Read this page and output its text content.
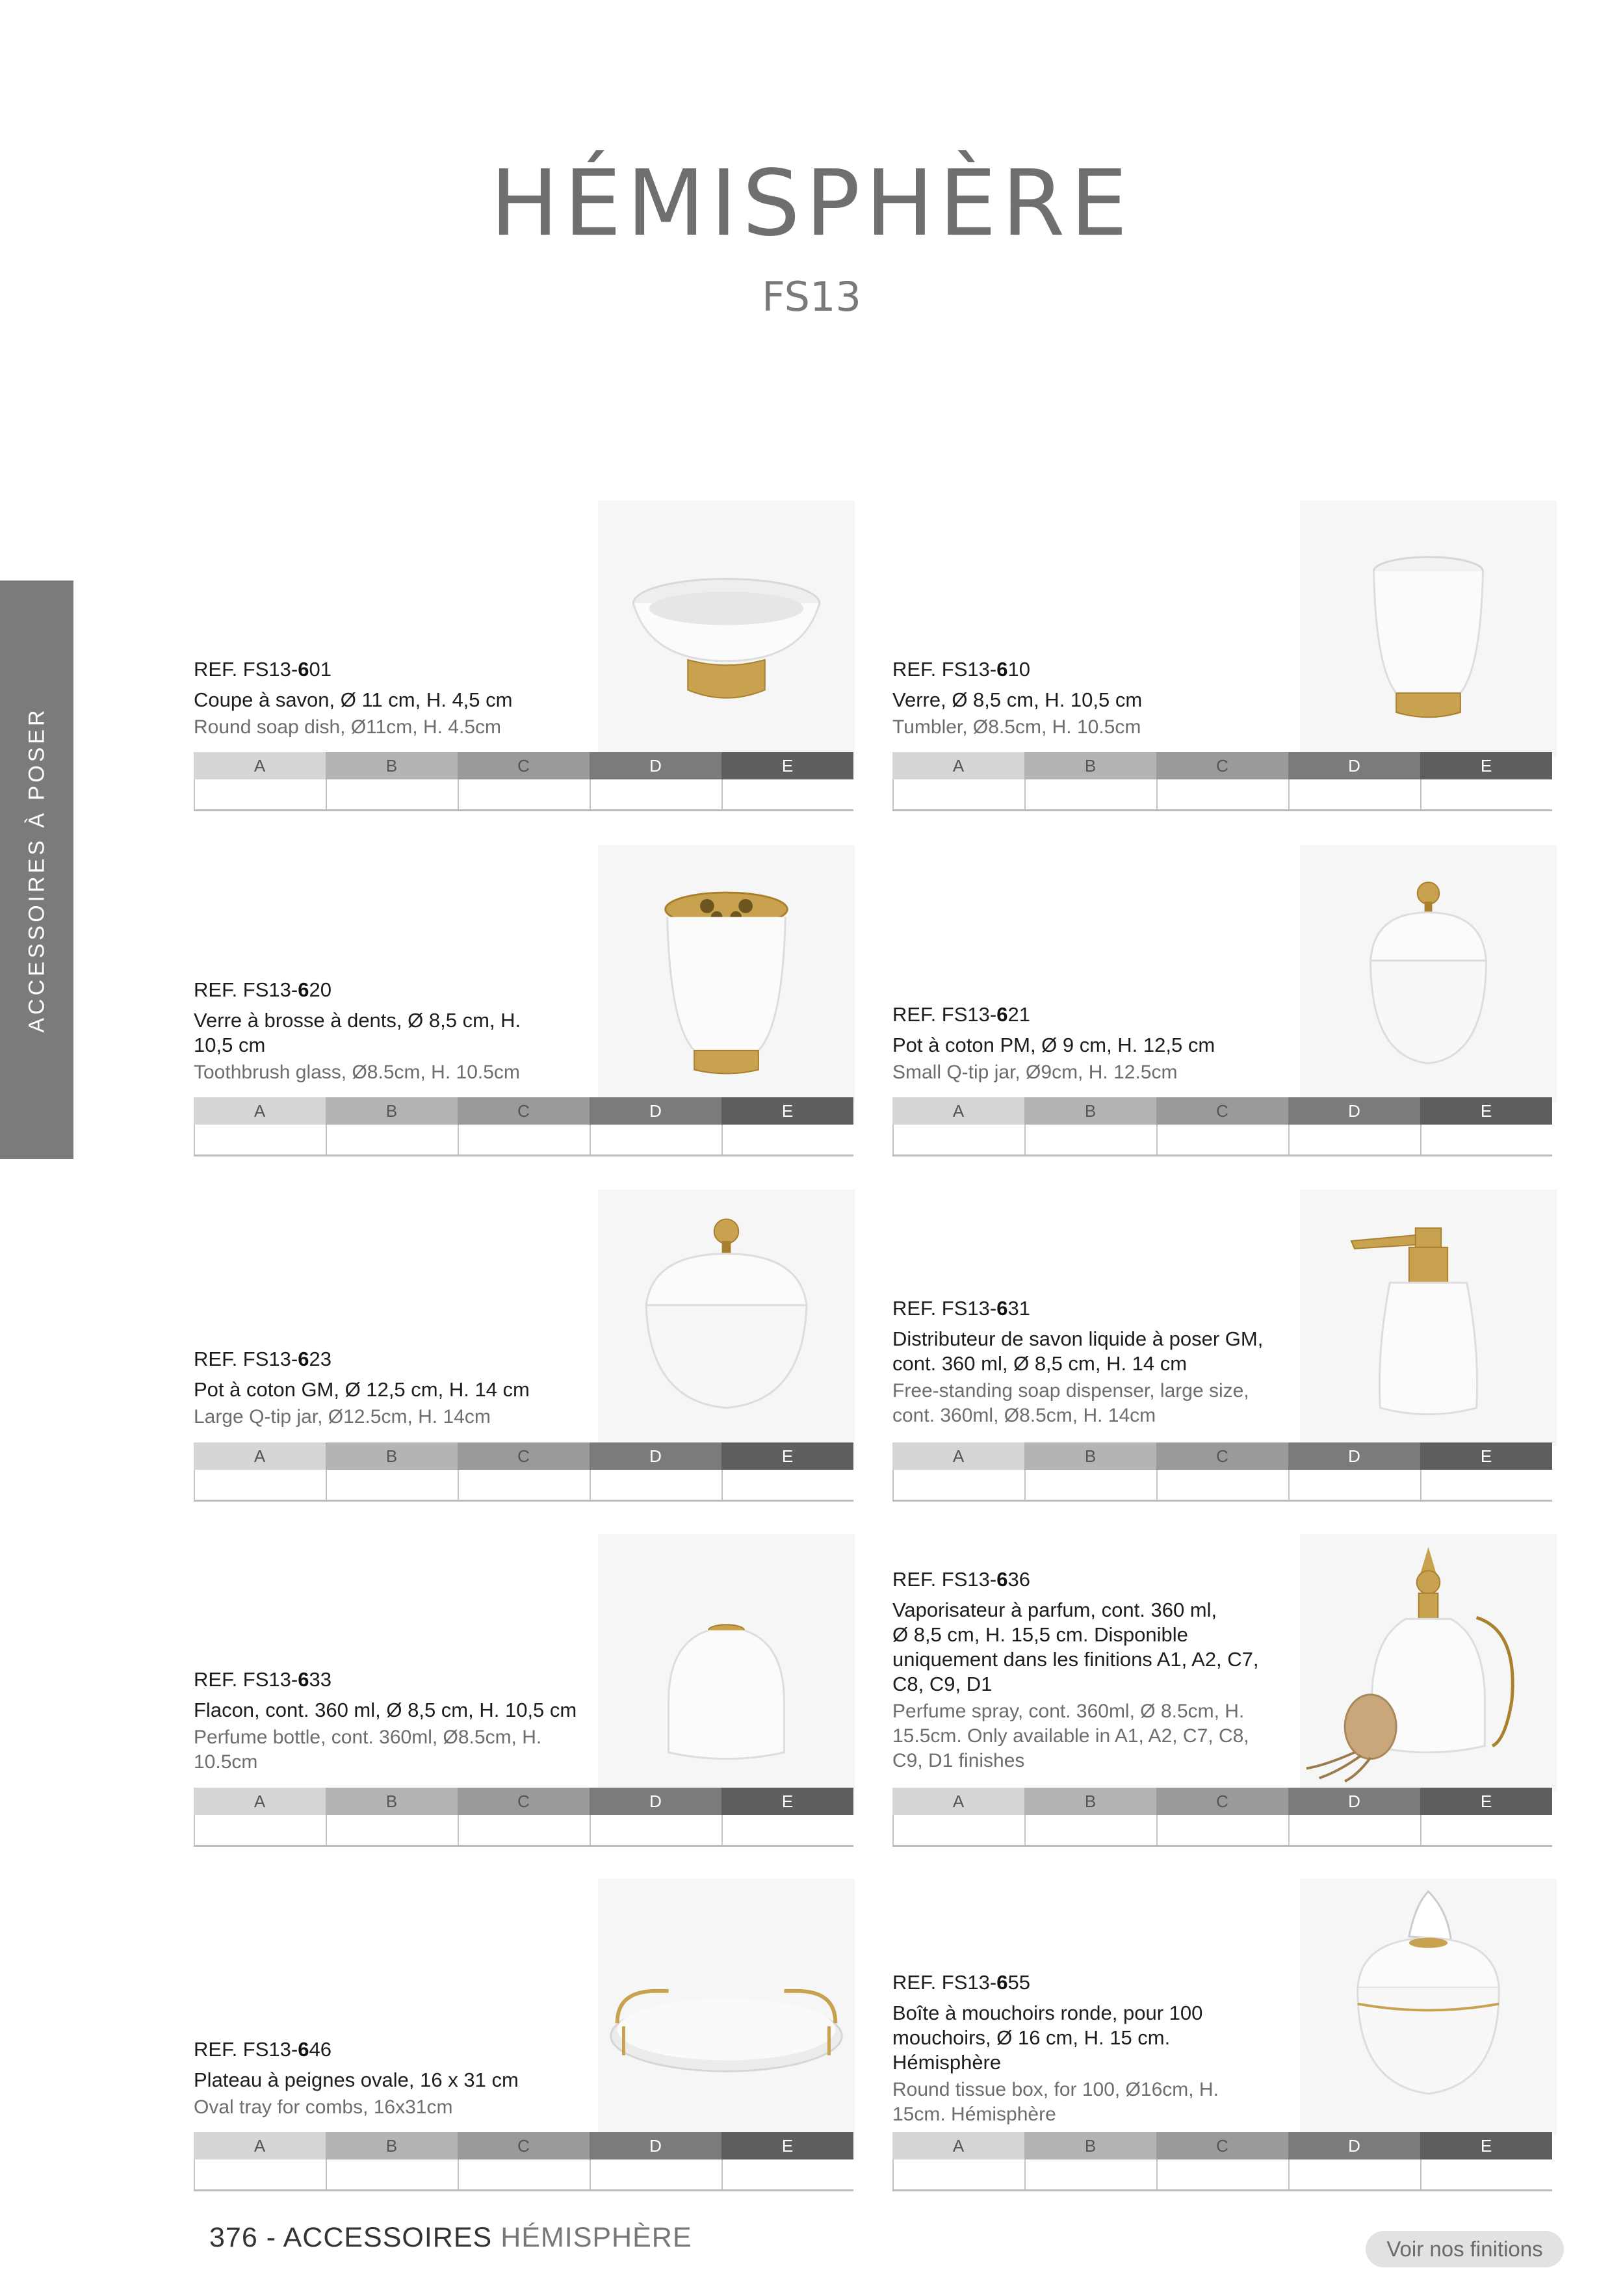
HÉMISPHÈRE
FS13
ACCESSOIRES À POSER
REF. FS13-601
Coupe à savon, Ø 11 cm, H. 4,5 cm
Round soap dish, Ø11cm, H. 4.5cm
A	B	C	D	E
REF. FS13-610
Verre, Ø 8,5 cm, H. 10,5 cm
Tumbler, Ø8.5cm, H. 10.5cm
A	B	C	D	E
REF. FS13-620
Verre à brosse à dents, Ø 8,5 cm, H.
10,5 cm
Toothbrush glass, Ø8.5cm, H. 10.5cm
A	B	C	D	E
REF. FS13-621
Pot à coton PM, Ø 9 cm, H. 12,5 cm
Small Q-tip jar, Ø9cm, H. 12.5cm
A	B	C	D	E
REF. FS13-623
Pot à coton GM, Ø 12,5 cm, H. 14 cm
Large Q-tip jar, Ø12.5cm, H. 14cm
A	B	C	D	E
REF. FS13-631
Distributeur de savon liquide à poser GM,
cont. 360 ml, Ø 8,5 cm, H. 14 cm
Free-standing soap dispenser, large size,
cont. 360ml, Ø8.5cm, H. 14cm
A	B	C	D	E
REF. FS13-633
Flacon, cont. 360 ml, Ø 8,5 cm, H. 10,5 cm
Perfume bottle, cont. 360ml, Ø8.5cm, H.
10.5cm
A	B	C	D	E
REF. FS13-636
Vaporisateur à parfum, cont. 360 ml,
Ø 8,5 cm, H. 15,5 cm. Disponible
uniquement dans les finitions A1, A2, C7,
C8, C9, D1
Perfume spray, cont. 360ml, Ø 8.5cm, H.
15.5cm. Only available in A1, A2, C7, C8,
C9, D1 finishes
A	B	C	D	E
REF. FS13-646
Plateau à peignes ovale, 16 x 31 cm
Oval tray for combs, 16x31cm
A	B	C	D	E
REF. FS13-655
Boîte à mouchoirs ronde, pour 100
mouchoirs, Ø 16 cm, H. 15 cm.
Hémisphère
Round tissue box, for 100, Ø16cm, H.
15cm. Hémisphère
A	B	C	D	E
376 - ACCESSOIRES HÉMISPHÈRE	Voir nos finitions
